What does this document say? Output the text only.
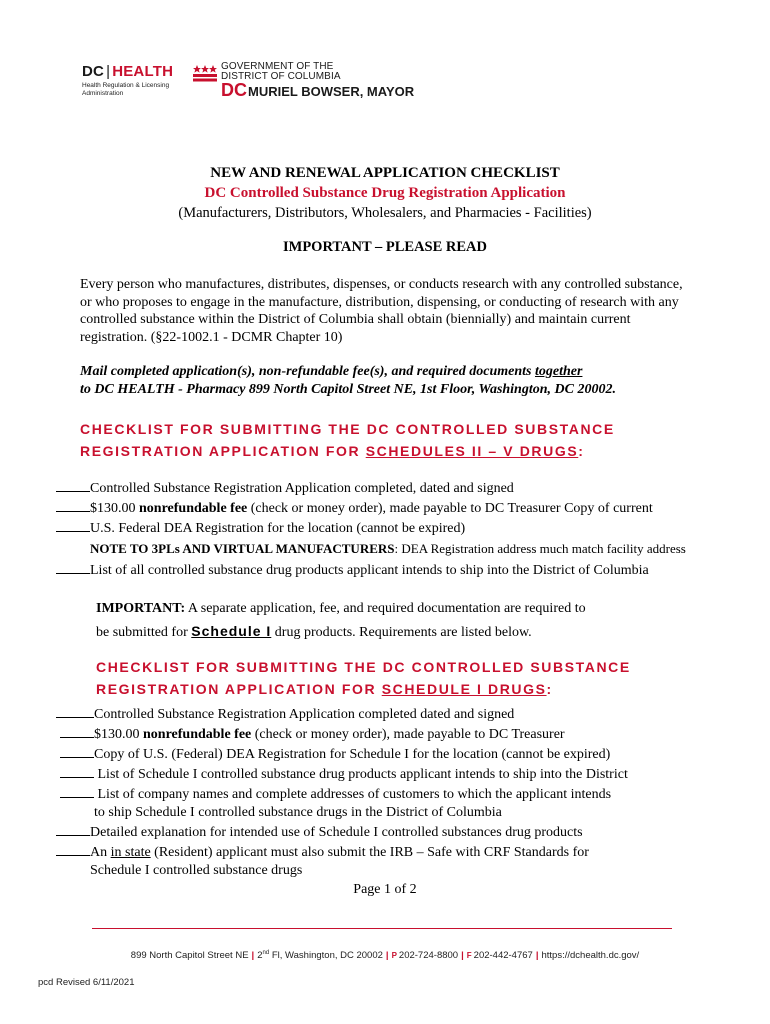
DC | HEALTH
Health Regulation & Licensing
Administration
GOVERNMENT OF THE
DISTRICT OF COLUMBIA
DCMURIEL BOWSER, MAYOR
NEW AND RENEWAL APPLICATION CHECKLIST
DC Controlled Substance Drug Registration Application
(Manufacturers, Distributors, Wholesalers, and Pharmacies - Facilities)
IMPORTANT – PLEASE READ
Every person who manufactures, distributes, dispenses, or conducts research with any controlled substance, or who proposes to engage in the manufacture, distribution, dispensing, or conducting of research with any controlled substance within the District of Columbia shall obtain (biennially) and maintain current registration. (§22-1002.1 - DCMR Chapter 10)
Mail completed application(s), non-refundable fee(s), and required documents together
to DC HEALTH - Pharmacy 899 North Capitol Street NE, 1st Floor, Washington, DC 20002.
CHECKLIST FOR SUBMITTING THE DC CONTROLLED SUBSTANCE
REGISTRATION APPLICATION FOR SCHEDULES II – V DRUGS:
Controlled Substance Registration Application completed, dated and signed
$130.00 nonrefundable fee (check or money order), made payable to DC Treasurer Copy of current
U.S. Federal DEA Registration for the location (cannot be expired)
NOTE TO 3PLs AND VIRTUAL MANUFACTURERS: DEA Registration address much match facility address
List of all controlled substance drug products applicant intends to ship into the District of Columbia
IMPORTANT: A separate application, fee, and required documentation are required to
be submitted for Schedule I drug products. Requirements are listed below.
CHECKLIST FOR SUBMITTING THE DC CONTROLLED SUBSTANCE
REGISTRATION APPLICATION FOR SCHEDULE I DRUGS:
Controlled Substance Registration Application completed dated and signed
$130.00 nonrefundable fee (check or money order), made payable to DC Treasurer
Copy of U.S. (Federal) DEA Registration for Schedule I for the location (cannot be expired)
List of Schedule I controlled substance drug products applicant intends to ship into the District
List of company names and complete addresses of customers to which the applicant intends
to ship Schedule I controlled substance drugs in the District of Columbia
Detailed explanation for intended use of Schedule I controlled substances drug products
An in state (Resident) applicant must also submit the IRB – Safe with CRF Standards for
Schedule I controlled substance drugs
Page 1 of 2
899 North Capitol Street NE | 2nd Fl, Washington, DC 20002 | P 202-724-8800 | F 202-442-4767 | https://dchealth.dc.gov/
pcd Revised 6/11/2021
